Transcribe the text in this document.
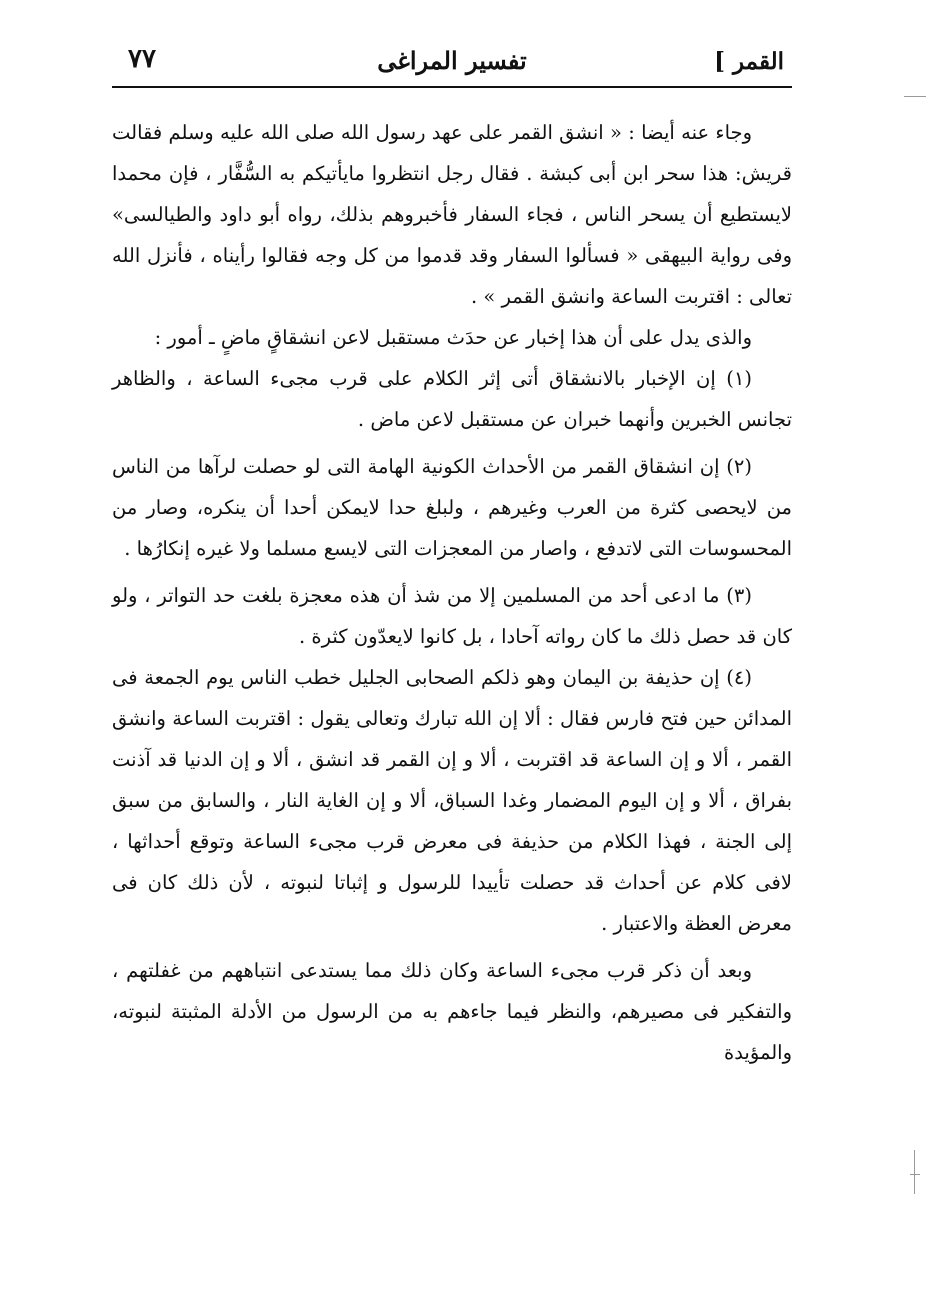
القمر ]
تفسير المراغى
٧٧

وجاء عنه أيضا : « انشق القمر على عهد رسول الله صلى الله عليه وسلم فقالت قريش: هذا سحر ابن أبى كبشة . فقال رجل انتظروا مايأتيكم به السُّفَّار ، فإن محمدا لايستطيع أن يسحر الناس ، فجاء السفار فأخبروهم بذلك، رواه أبو داود والطيالسى» وفى رواية البيهقى « فسألوا السفار وقد قدموا من كل وجه فقالوا رأيناه ، فأنزل الله تعالى : اقتربت الساعة وانشق القمر » .

والذى يدل على أن هذا إخبار عن حدَث مستقبل لاعن انشقاقٍ ماضٍ ـ أمور :

(١) إن الإخبار بالانشقاق أتى إثر الكلام على قرب مجىء الساعة ، والظاهر تجانس الخبرين وأنهما خبران عن مستقبل لاعن ماض .

(٢) إن انشقاق القمر من الأحداث الكونية الهامة التى لو حصلت لرآها من الناس من لايحصى كثرة من العرب وغيرهم ، ولبلغ حدا لايمكن أحدا أن ينكره، وصار من المحسوسات التى لاتدفع ، واصار من المعجزات التى لايسع مسلما ولا غيره إنكارُها .

(٣) ما ادعى أحد من المسلمين إلا من شذ أن هذه معجزة بلغت حد التواتر ، ولو كان قد حصل ذلك ما كان رواته آحادا ، بل كانوا لايعدّون كثرة .

(٤) إن حذيفة بن اليمان وهو ذلكم الصحابى الجليل خطب الناس يوم الجمعة فى المدائن حين فتح فارس فقال : ألا إن الله تبارك وتعالى يقول : اقتربت الساعة وانشق القمر ، ألا و إن الساعة قد اقتربت ، ألا و إن القمر قد انشق ، ألا و إن الدنيا قد آذنت بفراق ، ألا و إن اليوم المضمار وغدا السباق، ألا و إن الغاية النار ، والسابق من سبق إلى الجنة ، فهذا الكلام من حذيفة فى معرض قرب مجىء الساعة وتوقع أحداثها ، لافى كلام عن أحداث قد حصلت تأييدا للرسول و إثباتا لنبوته ، لأن ذلك كان فى معرض العظة والاعتبار .

وبعد أن ذكر قرب مجىء الساعة وكان ذلك مما يستدعى انتباههم من غفلتهم ، والتفكير فى مصيرهم، والنظر فيما جاءهم به من الرسول من الأدلة المثبتة لنبوته، والمؤيدة
